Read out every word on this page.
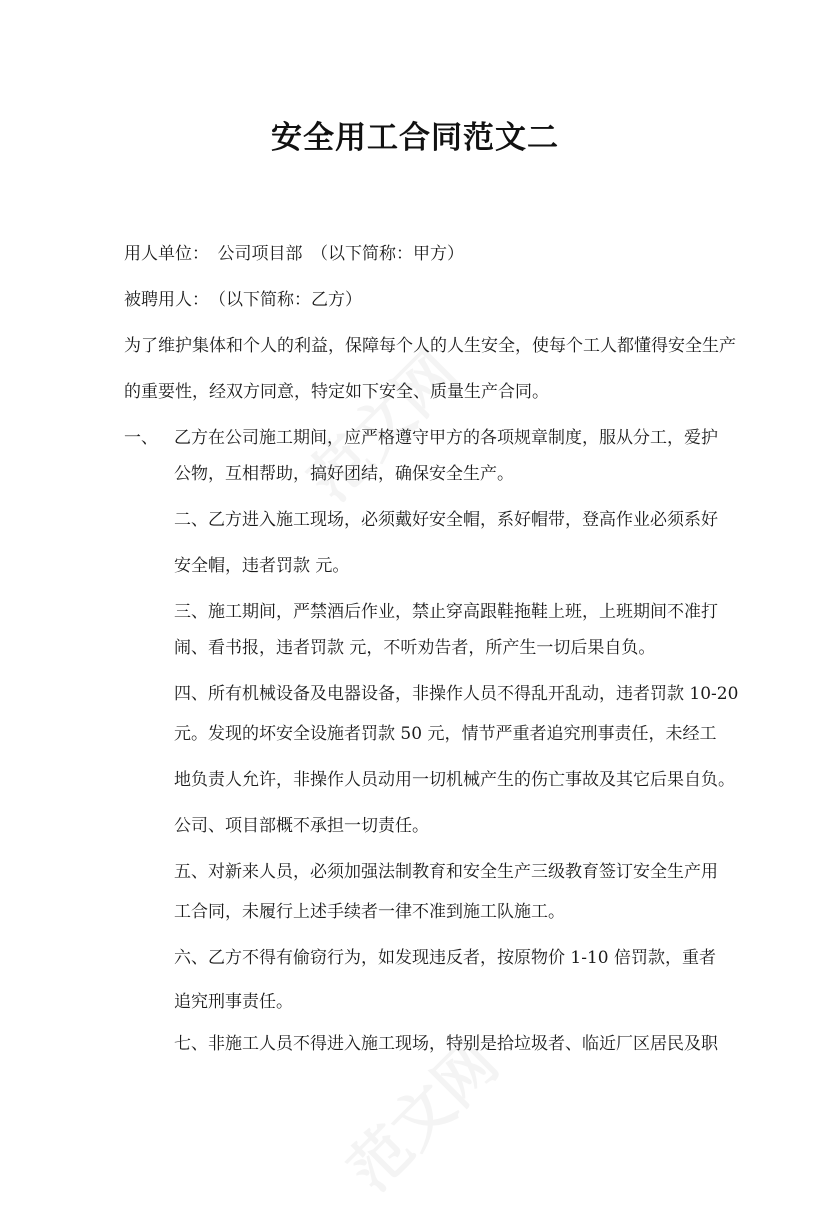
安全用工合同范文二
用人单位：　公司项目部　（以下简称：甲方）
被聘用人：　（以下简称：乙方）
为了维护集体和个人的利益，保障每个人的人生安全，使每个工人都懂得安全生产
的重要性，经双方同意，特定如下安全、质量生产合同。
一、 乙方在公司施工期间，应严格遵守甲方的各项规章制度，服从分工，爱护
公物，互相帮助，搞好团结，确保安全生产。
二、乙方进入施工现场，必须戴好安全帽，系好帽带，登高作业必须系好
安全帽，违者罚款 元。
三、施工期间，严禁酒后作业，禁止穿高跟鞋拖鞋上班，上班期间不准打
闹、看书报，违者罚款 元，不听劝告者，所产生一切后果自负。
四、所有机械设备及电器设备，非操作人员不得乱开乱动，违者罚款 10-20
元。发现的坏安全设施者罚款 50 元，情节严重者追究刑事责任，未经工
地负责人允许，非操作人员动用一切机械产生的伤亡事故及其它后果自负。
公司、项目部概不承担一切责任。
五、对新来人员，必须加强法制教育和安全生产三级教育签订安全生产用
工合同，未履行上述手续者一律不准到施工队施工。
六、乙方不得有偷窃行为，如发现违反者，按原物价 1-10 倍罚款，重者
追究刑事责任。
七、非施工人员不得进入施工现场，特别是拾垃圾者、临近厂区居民及职
